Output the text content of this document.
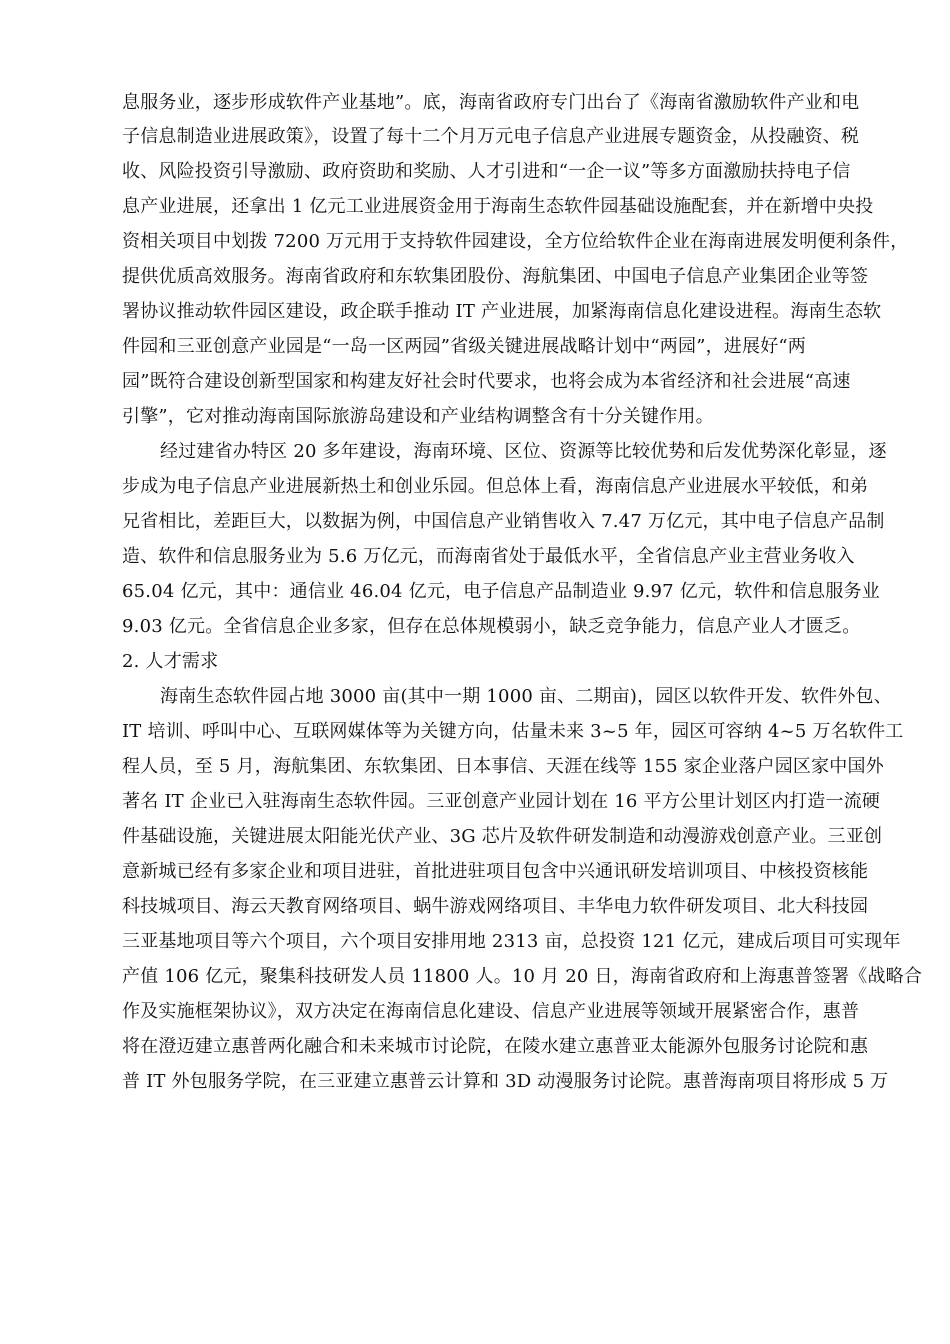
息服务业，逐步形成软件产业基地”。底，海南省政府专门出台了《海南省激励软件产业和电
子信息制造业进展政策》，设置了每十二个月万元电子信息产业进展专题资金，从投融资、税
收、风险投资引导激励、政府资助和奖励、人才引进和“一企一议”等多方面激励扶持电子信
息产业进展，还拿出 1 亿元工业进展资金用于海南生态软件园基础设施配套，并在新增中央投
资相关项目中划拨 7200 万元用于支持软件园建设，全方位给软件企业在海南进展发明便利条件，
提供优质高效服务。海南省政府和东软集团股份、海航集团、中国电子信息产业集团企业等签
署协议推动软件园区建设，政企联手推动 IT 产业进展，加紧海南信息化建设进程。海南生态软
件园和三亚创意产业园是“一岛一区两园”省级关键进展战略计划中“两园”，进展好“两
园”既符合建设创新型国家和构建友好社会时代要求，也将会成为本省经济和社会进展“高速
引擎”，它对推动海南国际旅游岛建设和产业结构调整含有十分关键作用。
经过建省办特区 20 多年建设，海南环境、区位、资源等比较优势和后发优势深化彰显，逐
步成为电子信息产业进展新热土和创业乐园。但总体上看，海南信息产业进展水平较低，和弟
兄省相比，差距巨大，以数据为例，中国信息产业销售收入 7.47 万亿元，其中电子信息产品制
造、软件和信息服务业为 5.6 万亿元，而海南省处于最低水平，全省信息产业主营业务收入
65.04 亿元，其中：通信业 46.04 亿元，电子信息产品制造业 9.97 亿元，软件和信息服务业
9.03 亿元。全省信息企业多家，但存在总体规模弱小，缺乏竞争能力，信息产业人才匮乏。
2. 人才需求
海南生态软件园占地 3000 亩(其中一期 1000 亩、二期亩)，园区以软件开发、软件外包、
IT 培训、呼叫中心、互联网媒体等为关键方向，估量未来 3~5 年，园区可容纳 4~5 万名软件工
程人员，至 5 月，海航集团、东软集团、日本事信、天涯在线等 155 家企业落户园区家中国外
著名 IT 企业已入驻海南生态软件园。三亚创意产业园计划在 16 平方公里计划区内打造一流硬
件基础设施，关键进展太阳能光伏产业、3G 芯片及软件研发制造和动漫游戏创意产业。三亚创
意新城已经有多家企业和项目进驻，首批进驻项目包含中兴通讯研发培训项目、中核投资核能
科技城项目、海云天教育网络项目、蜗牛游戏网络项目、丰华电力软件研发项目、北大科技园
三亚基地项目等六个项目，六个项目安排用地 2313 亩，总投资 121 亿元，建成后项目可实现年
产值 106 亿元，聚集科技研发人员 11800 人。10 月 20 日，海南省政府和上海惠普签署《战略合
作及实施框架协议》，双方决定在海南信息化建设、信息产业进展等领域开展紧密合作，惠普
将在澄迈建立惠普两化融合和未来城市讨论院，在陵水建立惠普亚太能源外包服务讨论院和惠
普 IT 外包服务学院，在三亚建立惠普云计算和 3D 动漫服务讨论院。惠普海南项目将形成 5 万
